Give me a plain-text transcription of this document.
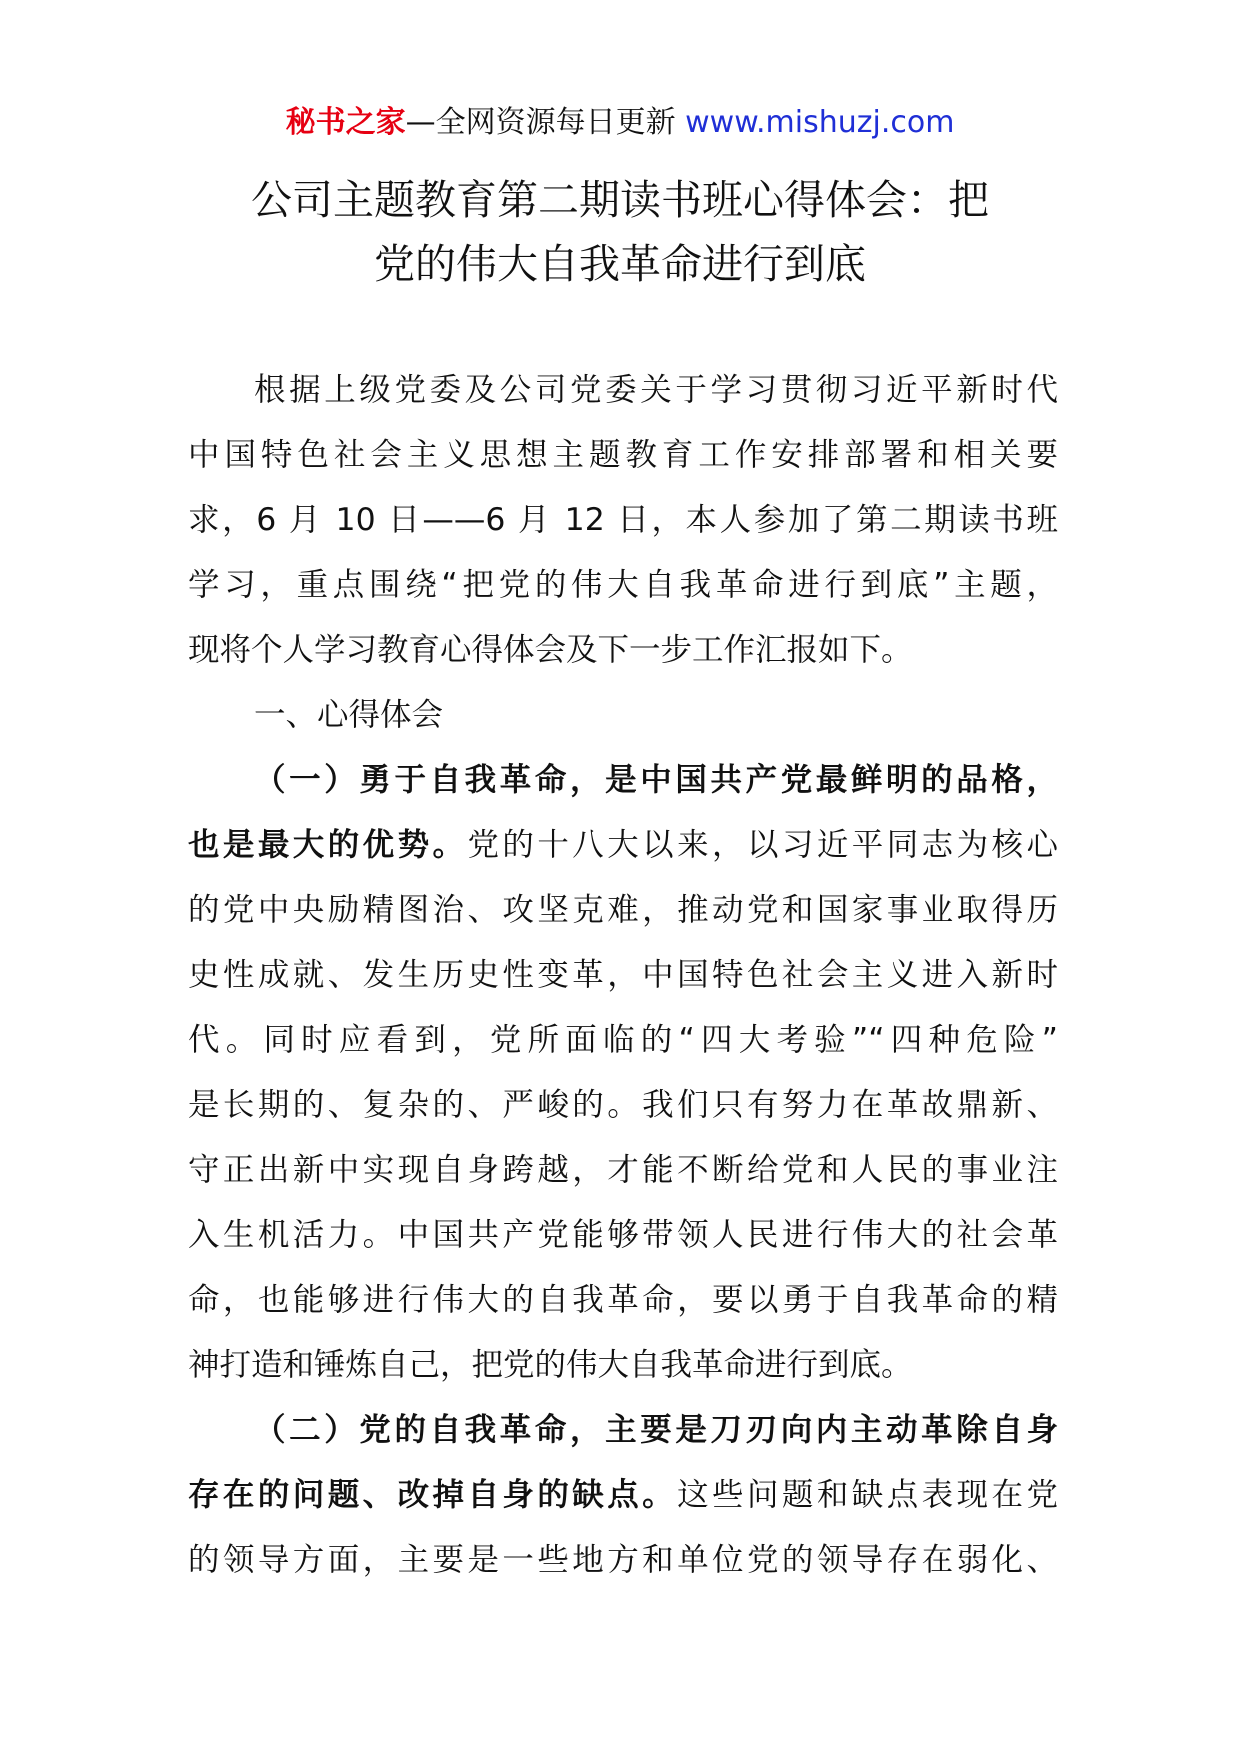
秘书之家—全网资源每日更新 www.mishuzj.com
公司主题教育第二期读书班心得体会：把
党的伟大自我革命进行到底
根据上级党委及公司党委关于学习贯彻习近平新时代
中国特色社会主义思想主题教育工作安排部署和相关要
求，6 月 10 日——6 月 12 日，本人参加了第二期读书班
学习，重点围绕“把党的伟大自我革命进行到底”主题，
现将个人学习教育心得体会及下一步工作汇报如下。
一、心得体会
（一）勇于自我革命，是中国共产党最鲜明的品格，
也是最大的优势。党的十八大以来，以习近平同志为核心
的党中央励精图治、攻坚克难，推动党和国家事业取得历
史性成就、发生历史性变革，中国特色社会主义进入新时
代。同时应看到，党所面临的“四大考验”“四种危险”
是长期的、复杂的、严峻的。我们只有努力在革故鼎新、
守正出新中实现自身跨越，才能不断给党和人民的事业注
入生机活力。中国共产党能够带领人民进行伟大的社会革
命，也能够进行伟大的自我革命，要以勇于自我革命的精
神打造和锤炼自己，把党的伟大自我革命进行到底。
（二）党的自我革命，主要是刀刃向内主动革除自身
存在的问题、改掉自身的缺点。这些问题和缺点表现在党
的领导方面，主要是一些地方和单位党的领导存在弱化、
